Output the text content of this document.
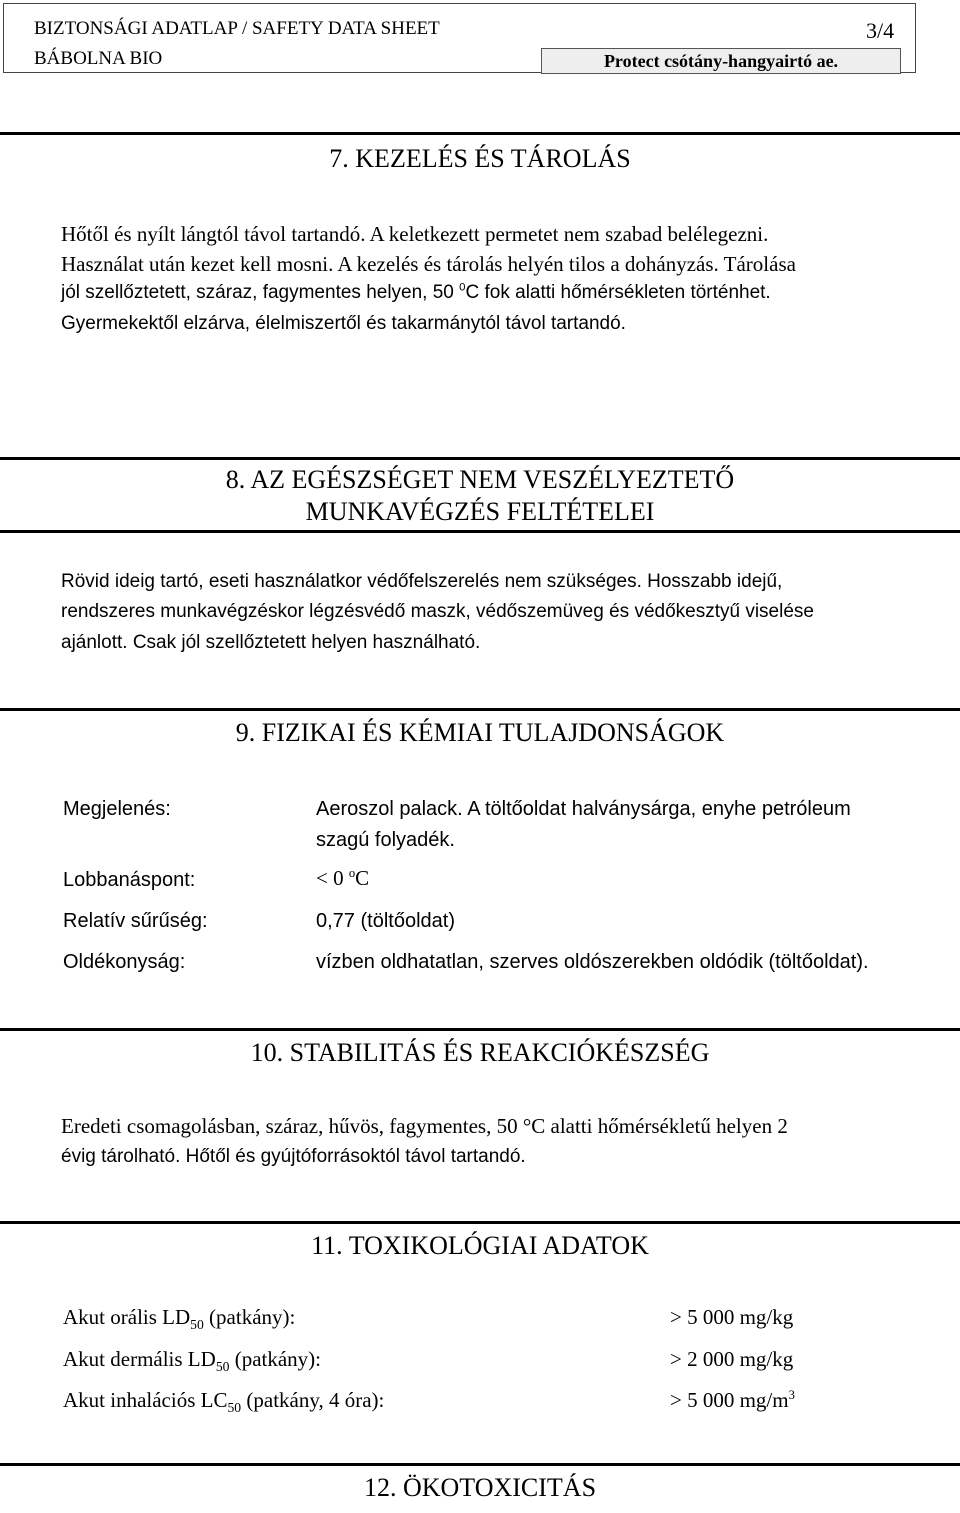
BIZTONSÁGI ADATLAP / SAFETY DATA SHEET
BÁBOLNA BIO
3/4
Protect csótány-hangyairtó ae.
7. KEZELÉS ÉS TÁROLÁS
Hőtől és nyílt lángtól távol tartandó. A keletkezett permetet nem szabad belélegezni.
Használat után kezet kell mosni. A kezelés és tárolás helyén tilos a dohányzás. Tárolása
jól szellőztetett, száraz, fagymentes helyen, 50 $^0$C fok alatti hőmérsékleten történhet.
Gyermekektől elzárva, élelmiszertől és takarmánytól távol tartandó.
8. AZ EGÉSZSÉGET NEM VESZÉLYEZTETŐ
MUNKAVÉGZÉS FELTÉTELEI
Rövid ideig tartó, eseti használatkor védőfelszerelés nem szükséges. Hosszabb idejű,
rendszeres munkavégzéskor légzésvédő maszk, védőszemüveg és védőkesztyű viselése
ajánlott. Csak jól szellőztetett helyen használható.
9. FIZIKAI ÉS KÉMIAI TULAJDONSÁGOK
Megjelenés:	Aeroszol palack. A töltőoldat halványsárga, enyhe petróleum
szagú folyadék.
Lobbanáspont:	< 0 $^o$C
Relatív sűrűség:	0,77 (töltőoldat)
Oldékonyság:	vízben oldhatatlan, szerves oldószerekben oldódik (töltőoldat).
10. STABILITÁS ÉS REAKCIÓKÉSZSÉG
Eredeti csomagolásban, száraz, hűvös, fagymentes, 50 °C alatti hőmérsékletű helyen 2
évig tárolható. Hőtől és gyújtóforrásoktól távol tartandó.
11. TOXIKOLÓGIAI ADATOK
Akut orális $LD_{50}$ (patkány):	> 5 000 mg/kg
Akut dermális $LD_{50}$ (patkány):	> 2 000 mg/kg
Akut inhalációs $LC_{50}$ (patkány, 4 óra):	> 5 000 $mg/m^3$
12. ÖKOTOXICITÁS
